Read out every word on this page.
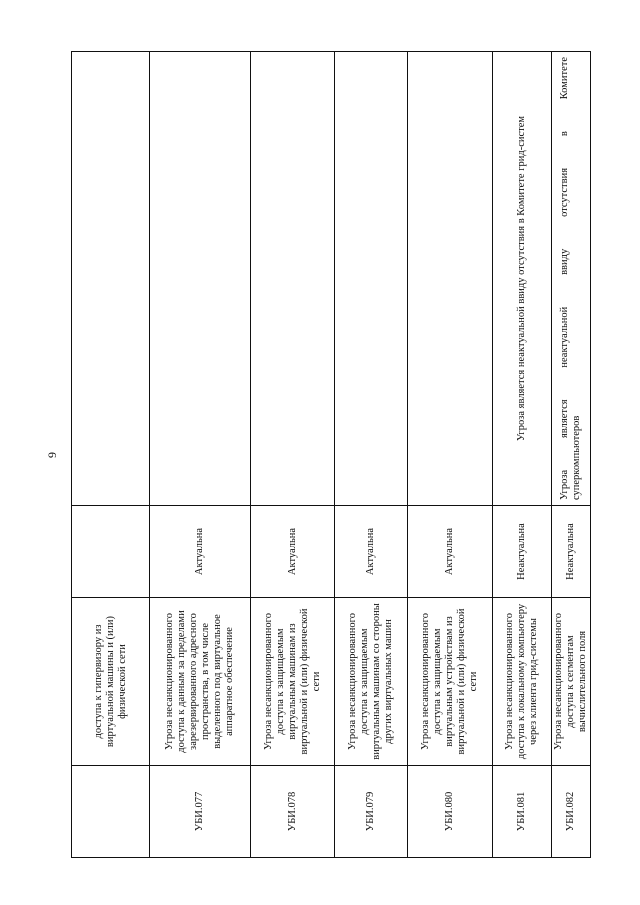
9
	доступа к гипервизору из виртуальной машины и (или) физической сети		
УБИ.077	Угроза несанкционированного доступа к данным за пределами зарезервированного адресного пространства, в том числе выделенного под виртуальное аппаратное обеспечение	Актуальна	
УБИ.078	Угроза несанкционированного доступа к защищаемым виртуальным машинам из виртуальной и (или) физической сети	Актуальна	
УБИ.079	Угроза несанкционированного доступа к защищаемым виртуальным машинам со стороны других виртуальных машин	Актуальна	
УБИ.080	Угроза несанкционированного доступа к защищаемым виртуальным устройствам из виртуальной и (или) физической сети	Актуальна	
УБИ.081	Угроза несанкционированного доступа к локальному компьютеру через клиента грид-системы	Неактуальна	Угроза является неактуальной ввиду отсутствия в Комитете грид-систем
УБИ.082	Угроза несанкционированного доступа к сегментам вычислительного поля	Неактуальна	Угроза является неактуальной ввиду отсутствия в Комитете суперкомпьютеров
